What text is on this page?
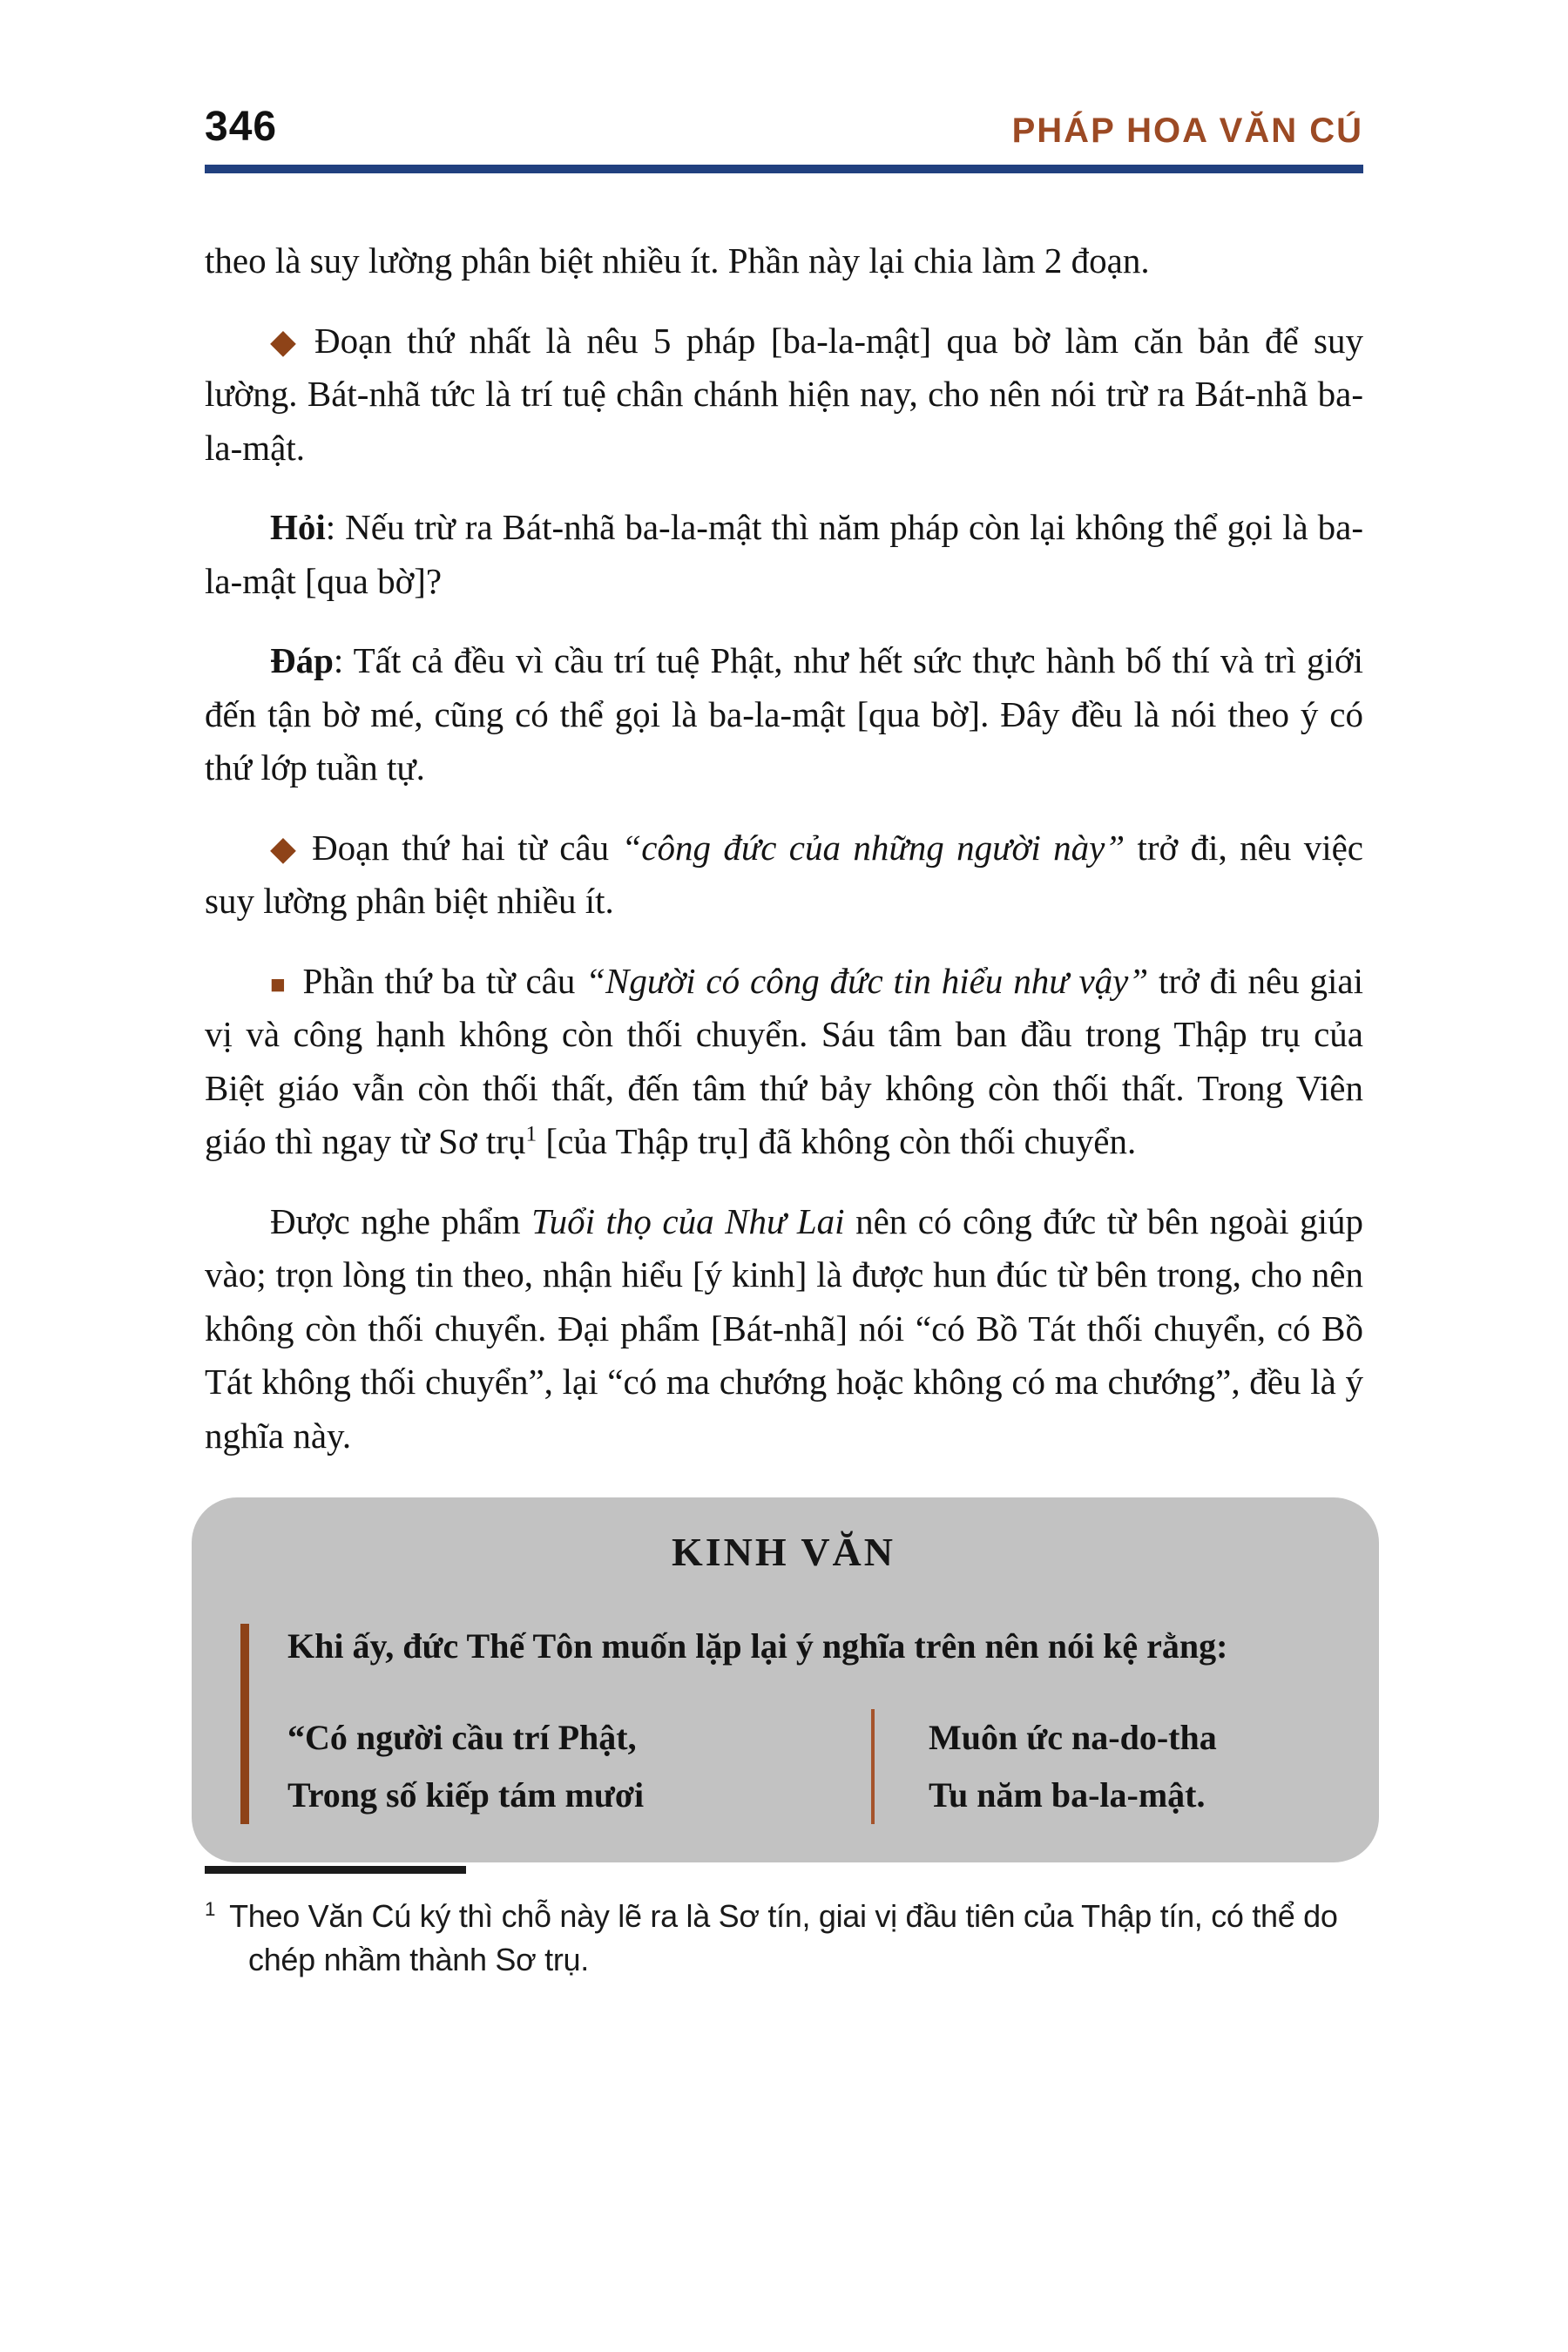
346	PHÁP HOA VĂN CÚ

theo là suy lường phân biệt nhiều ít. Phần này lại chia làm 2 đoạn.

◆ Đoạn thứ nhất là nêu 5 pháp [ba-la-mật] qua bờ làm căn bản để suy lường. Bát-nhã tức là trí tuệ chân chánh hiện nay, cho nên nói trừ ra Bát-nhã ba-la-mật.

Hỏi: Nếu trừ ra Bát-nhã ba-la-mật thì năm pháp còn lại không thể gọi là ba-la-mật [qua bờ]?

Đáp: Tất cả đều vì cầu trí tuệ Phật, như hết sức thực hành bố thí và trì giới đến tận bờ mé, cũng có thể gọi là ba-la-mật [qua bờ]. Đây đều là nói theo ý có thứ lớp tuần tự.

◆ Đoạn thứ hai từ câu “công đức của những người này” trở đi, nêu việc suy lường phân biệt nhiều ít.

■ Phần thứ ba từ câu “Người có công đức tin hiểu như vậy” trở đi nêu giai vị và công hạnh không còn thối chuyển. Sáu tâm ban đầu trong Thập trụ của Biệt giáo vẫn còn thối thất, đến tâm thứ bảy không còn thối thất. Trong Viên giáo thì ngay từ Sơ trụ$^1$ [của Thập trụ] đã không còn thối chuyển.

Được nghe phẩm Tuổi thọ của Như Lai nên có công đức từ bên ngoài giúp vào; trọn lòng tin theo, nhận hiểu [ý kinh] là được hun đúc từ bên trong, cho nên không còn thối chuyển. Đại phẩm [Bát-nhã] nói “có Bồ Tát thối chuyển, có Bồ Tát không thối chuyển”, lại “có ma chướng hoặc không có ma chướng”, đều là ý nghĩa này.

KINH VĂN

Khi ấy, đức Thế Tôn muốn lặp lại ý nghĩa trên nên nói kệ rằng:

“Có người cầu trí Phật,
Trong số kiếp tám mươi
Muôn ức na-do-tha
Tu năm ba-la-mật.
$^1$ Theo Văn Cú ký thì chỗ này lẽ ra là Sơ tín, giai vị đầu tiên của Thập tín, có thể do chép nhầm thành Sơ trụ.
